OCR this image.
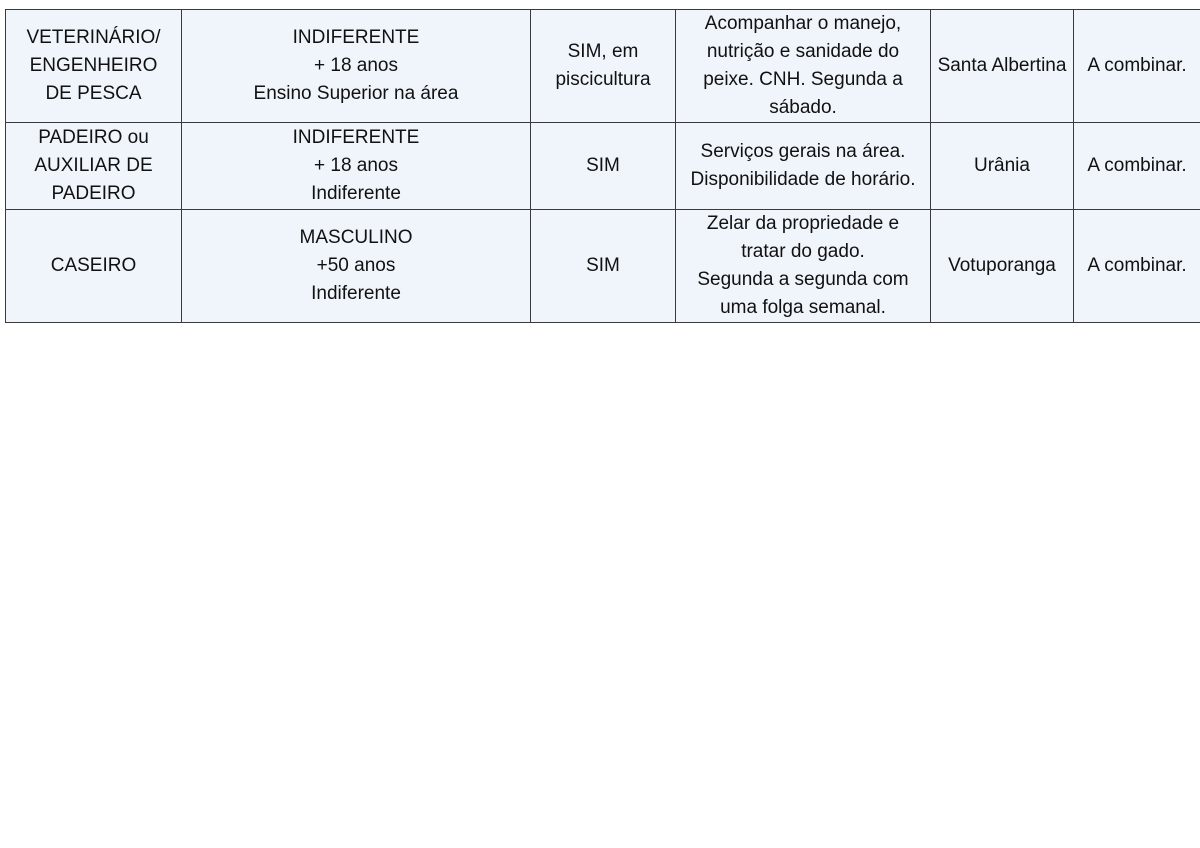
VETERINÁRIO/
ENGENHEIRO
DE PESCA	INDIFERENTE
+ 18 anos
Ensino Superior na área	SIM, em
piscicultura	Acompanhar o manejo,
nutrição e sanidade do
peixe. CNH. Segunda a
sábado.	Santa Albertina	A combinar.

PADEIRO ou
AUXILIAR DE
PADEIRO	INDIFERENTE
+ 18 anos
Indiferente	SIM	Serviços gerais na área.
Disponibilidade de horário.	Urânia	A combinar.

CASEIRO	MASCULINO
+50 anos
Indiferente	SIM	Zelar da propriedade e
tratar do gado.
Segunda a segunda com
uma folga semanal.	Votuporanga	A combinar.
